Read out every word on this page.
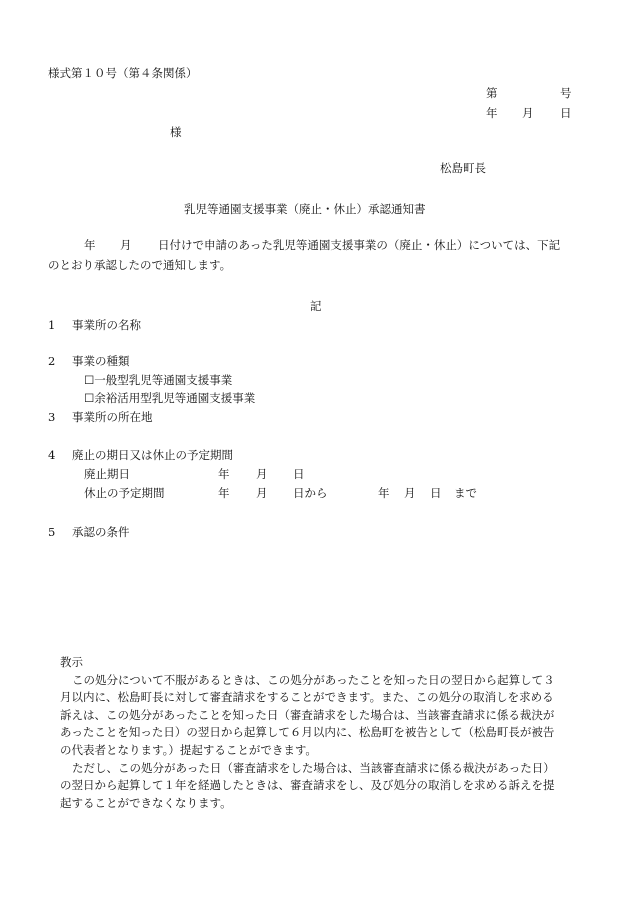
様式第１０号（第４条関係）

第	号

年 月 日

様

松島町長

乳児等通園支援事業（廃止・休止）承認通知書

年 月 日付けで申請のあった乳児等通園支援事業の（廃止・休止）については、下記

のとおり承認したので通知します。

記

1 事業所の名称

2 事業の種類

☐一般型乳児等通園支援事業

☐余裕活用型乳児等通園支援事業

3 事業所の所在地

4 廃止の期日又は休止の予定期間

廃止期日	年 月 日

休止の予定期間	年 月 日から	年 月 日 まで

5 承認の条件

教示
この処分について不服があるときは、この処分があったことを知った日の翌日から起算して３
月以内に、松島町長に対して審査請求をすることができます。また、この処分の取消しを求める
訴えは、この処分があったことを知った日（審査請求をした場合は、当該審査請求に係る裁決が
あったことを知った日）の翌日から起算して６月以内に、松島町を被告として（松島町長が被告
の代表者となります。）提起することができます。
ただし、この処分があった日（審査請求をした場合は、当該審査請求に係る裁決があった日）
の翌日から起算して１年を経過したときは、審査請求をし、及び処分の取消しを求める訴えを提
起することができなくなります。
